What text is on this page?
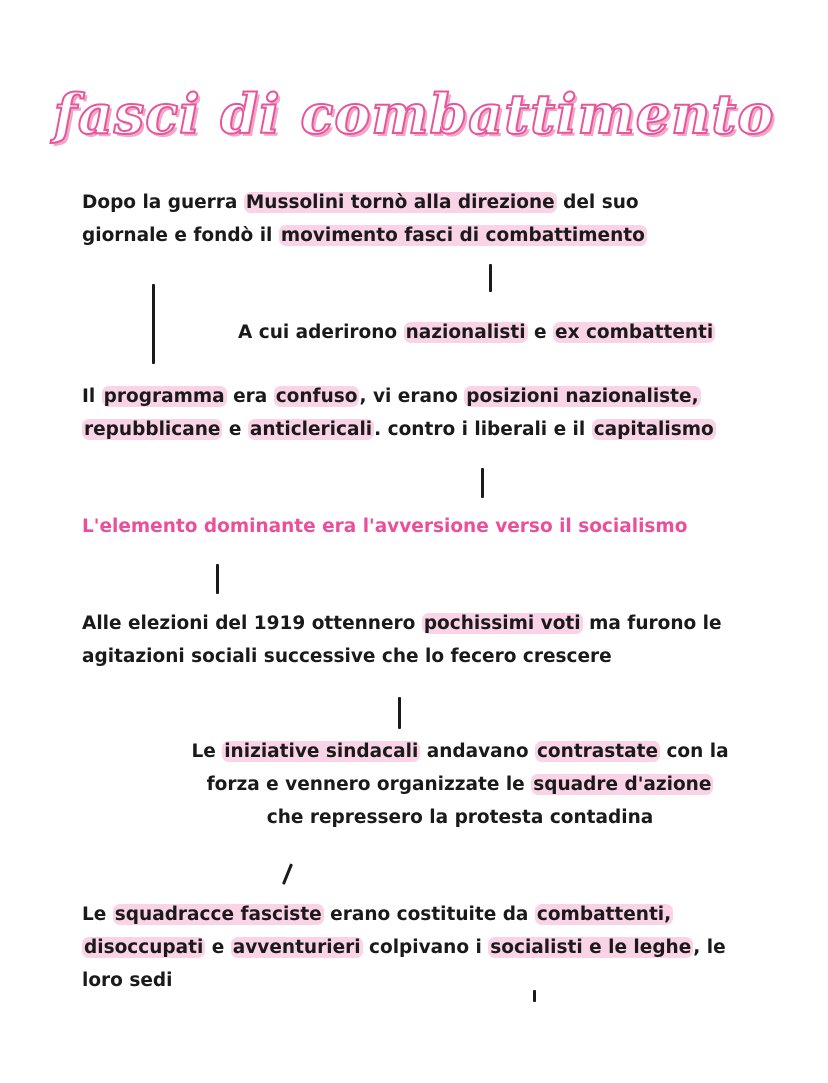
fasci di combattimento
Dopo la guerra Mussolini tornò alla direzione del suo
giornale e fondò il movimento fasci di combattimento
A cui aderirono nazionalisti e ex combattenti
Il programma era confuso , vi erano posizioni nazionaliste,
repubblicane e anticlericali . contro i liberali e il capitalismo
L'elemento dominante era l'avversione verso il socialismo
Alle elezioni del 1919 ottennero pochissimi voti ma furono le
agitazioni sociali successive che lo fecero crescere
Le iniziative sindacali andavano contrastate con la
forza e vennero organizzate le squadre d'azione
che repressero la protesta contadina
Le squadracce fasciste erano costituite da combattenti,
disoccupati e avventurieri colpivano i socialisti e le leghe , le
loro sedi
